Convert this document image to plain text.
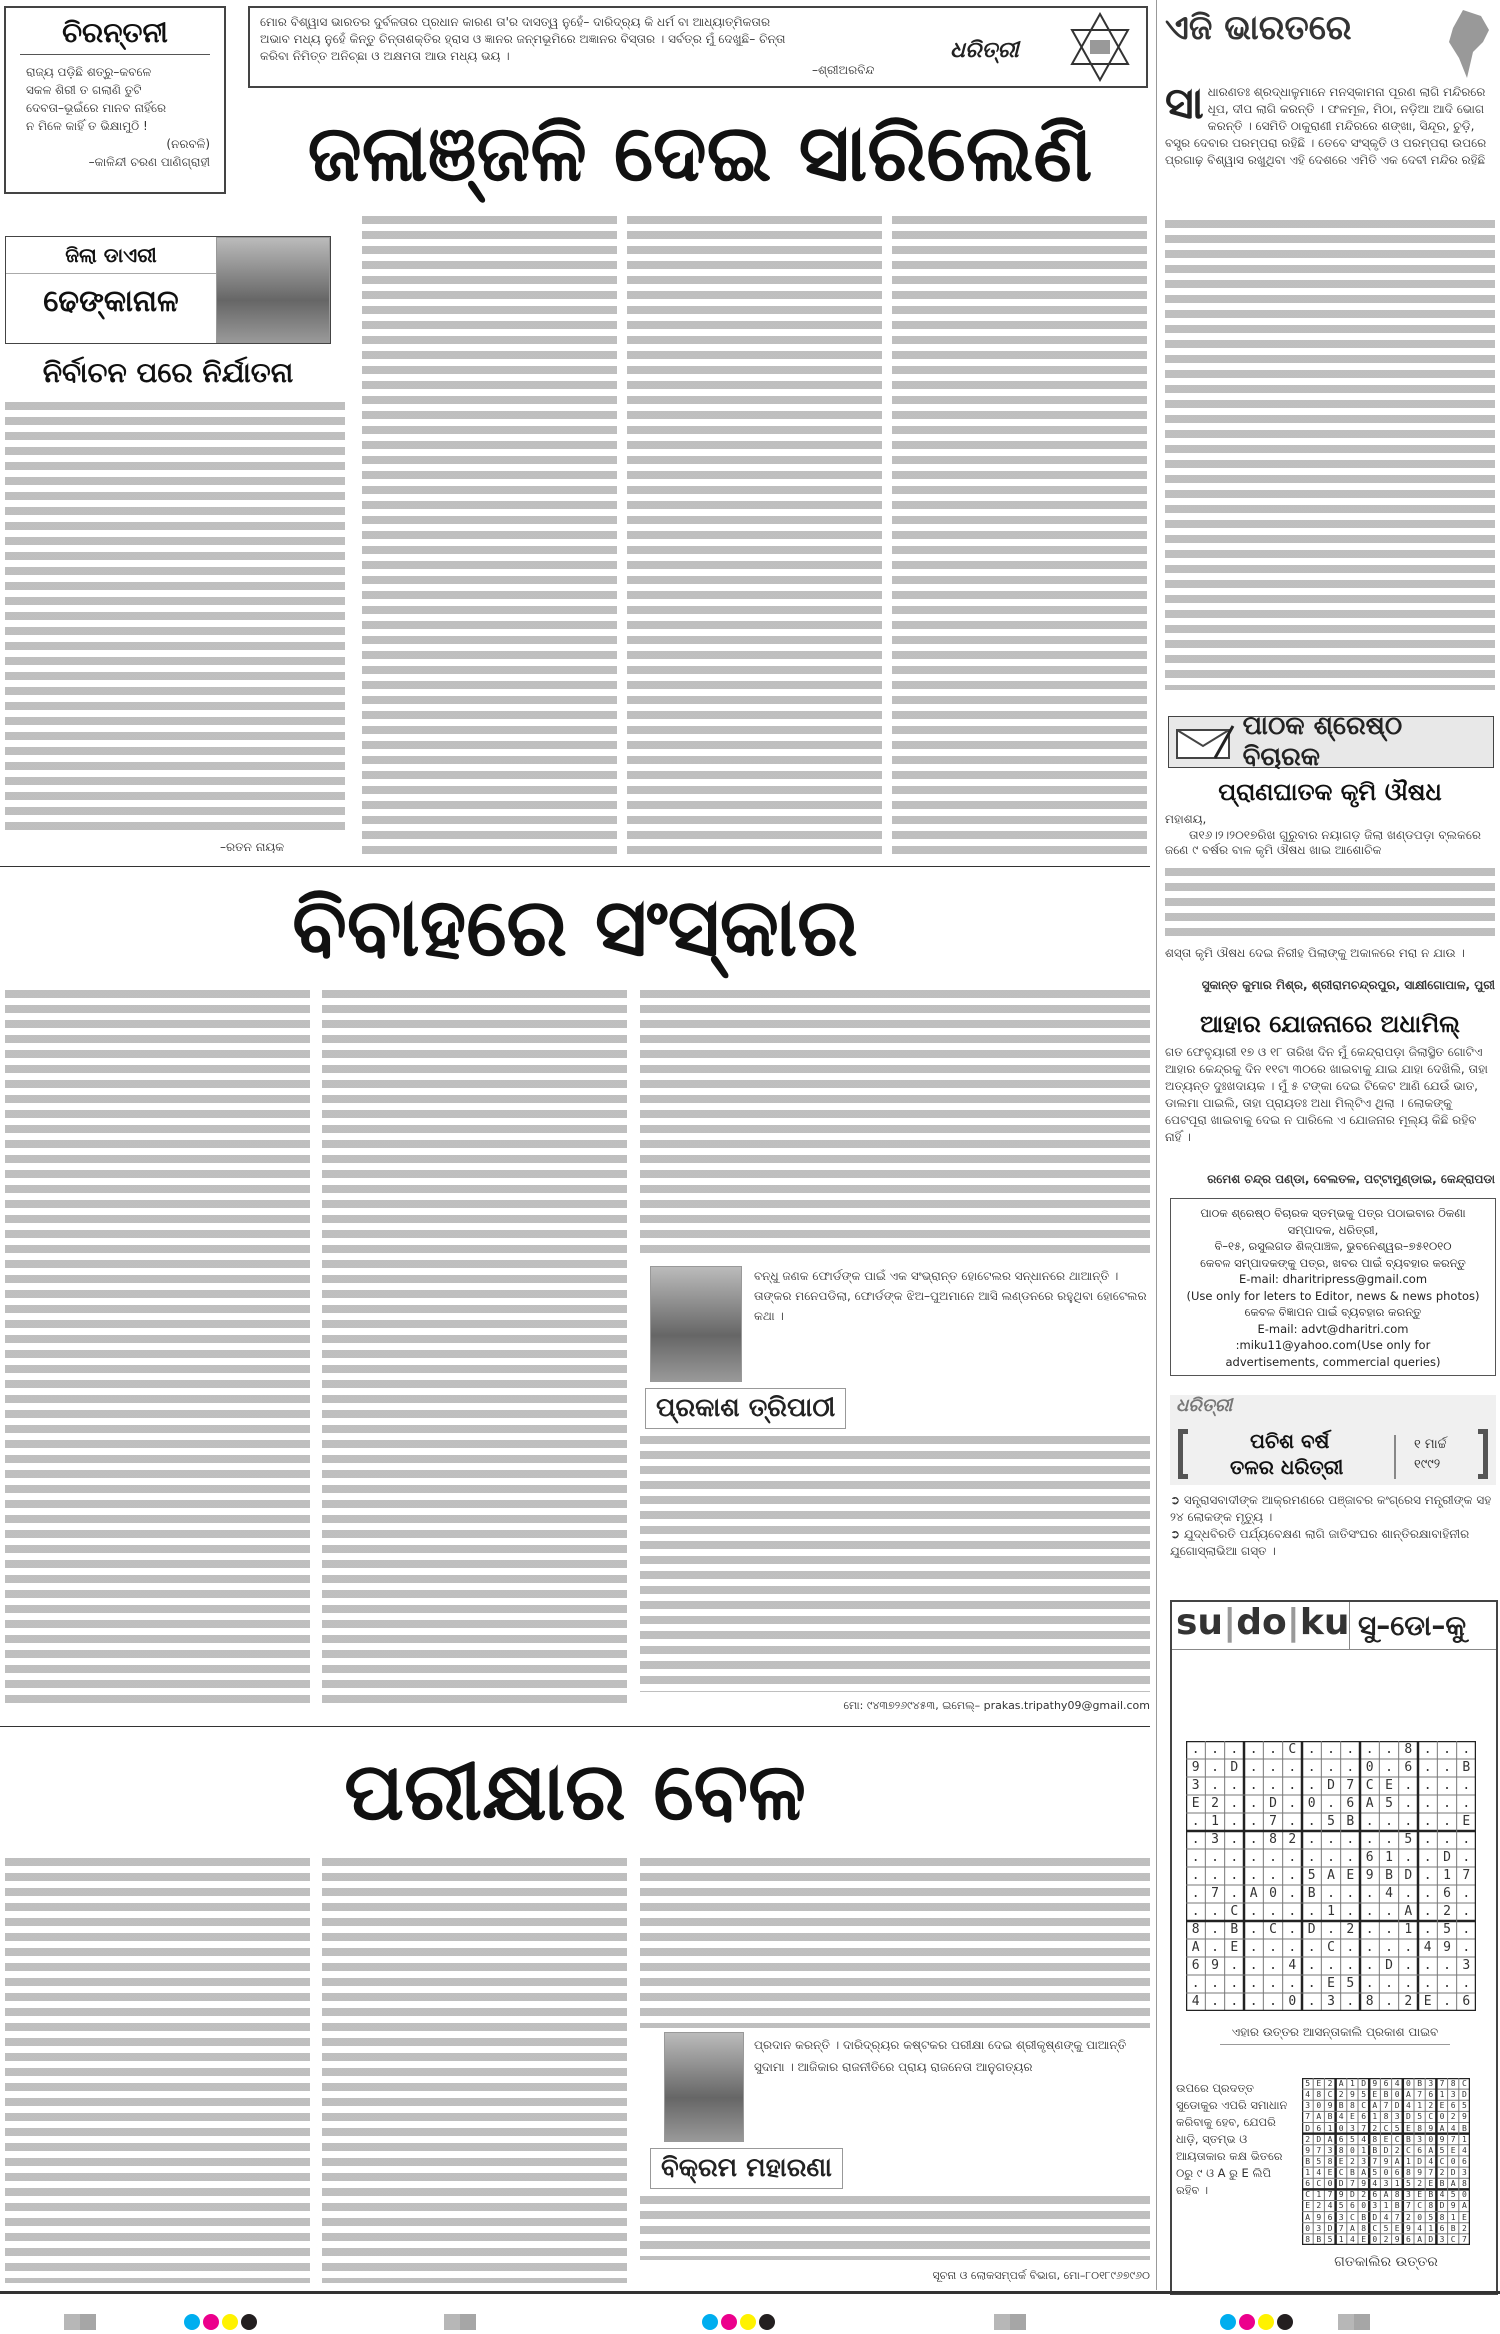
ଚିରନ୍ତନୀ
ରାଜ୍ୟ ପଡ଼ିଛି ଶତ୍ରୁ–କବଳେ
ସକଳ ଶିରୀ ତ ଗଲାଣି ତୁଟି
ଦେବତା–ଭୂଇଁରେ ମାନବ ନାହିଁରେ
ନ ମିଳେ କାହିଁ ତ ଭିକ୍ଷାମୁଠି !
(ନରବଳି)
–କାଳିନ୍ଦୀ ଚରଣ ପାଣିଗ୍ରାହୀ
ମୋର ବିଶ୍ୱାସ ଭାରତର ଦୁର୍ବଳତାର ପ୍ରଧାନ କାରଣ ତା'ର ଦାସତ୍ୱ ନୁହେଁ– ଦାରିଦ୍ର୍ୟ କି ଧର୍ମ ବା ଆଧ୍ୟାତ୍ମିକତାର ଅଭାବ ମଧ୍ୟ ନୁହେଁ କିନ୍ତୁ ଚିନ୍ତାଶକ୍ତିର ହ୍ରାସ ଓ ଜ୍ଞାନର ଜନ୍ମଭୂମିରେ ଅଜ୍ଞାନର ବିସ୍ତାର । ସର୍ବତ୍ର ମୁଁ ଦେଖୁଛି– ଚିନ୍ତା କରିବା ନିମିତ୍ତ ଅନିଚ୍ଛା ଓ ଅକ୍ଷମତା ଆଉ ମଧ୍ୟ ଭୟ ।
–ଶ୍ରୀଅରବିନ୍ଦ
ଧରିତ୍ରୀ
ଜଳାଞ୍ଜଳି ଦେଇ ସାରିଲେଣି
ଜିଲା ଡାଏରୀ
ଢେଙ୍କାନାଳ
ନିର୍ବାଚନ ପରେ ନିର୍ଯାତନା
–ରତନ ନାୟକ
ଏଜି ଭାରତରେ
ସା ଧାରଣତଃ ଶ୍ରଦ୍ଧାଳୁମାନେ ମନସ୍କାମନା ପୂରଣ ଲାଗି ମନ୍ଦିରରେ ଧୂପ, ଦୀପ ଲାଗି କରନ୍ତି । ଫଳମୂଳ, ମିଠା, ନଡ଼ିଆ ଆଦି ଭୋଗ କରନ୍ତି । ସେମିତି ଠାକୁରାଣୀ ମନ୍ଦିରରେ ଶଙ୍ଖା, ସିନ୍ଦୂର, ଚୁଡ଼ି, ବସ୍ତ୍ର ଦେବାର ପରମ୍ପରା ରହିଛି । ତେବେ ସଂସ୍କୃତି ଓ ପରମ୍ପରା ଉପରେ ପ୍ରଗାଢ଼ ବିଶ୍ୱାସ ରଖୁଥିବା ଏହି ଦେଶରେ ଏମିତି ଏକ ଦେବୀ ମନ୍ଦିର ରହିଛି
ପାଠକ ଶ୍ରେଷ୍ଠ ବିଚାରକ
ପ୍ରାଣଘାତକ କୃମି ଔଷଧ
ମହାଶୟ,
ତା୧୬।୨।୨୦୧୭ରିଖ ଗୁରୁବାର ନୟାଗଡ଼ ଜିଲା ଖଣ୍ଡପଡ଼ା ବ୍ଲକରେ ଜଣେ ୯ ବର୍ଷର ବାଳ କୃମି ଔଷଧ ଖାଇ ଆଶୋଚିକ
ଶସ୍ତା କୃମି ଔଷଧ ଦେଇ ନିରୀହ ପିଲାଙ୍କୁ ଅକାଳରେ ମରା ନ ଯାଉ ।
ସୁକାନ୍ତ କୁମାର ମିଶ୍ର, ଶ୍ରୀରାମଚନ୍ଦ୍ରପୁର, ସାକ୍ଷୀଗୋପାଳ, ପୁରୀ
ଆହାର ଯୋଜନାରେ ଅଧାମିଲ୍
ଗତ ଫେବୃୟାରୀ ୧୭ ଓ ୧୮ ତାରିଖ ଦିନ ମୁଁ କେନ୍ଦ୍ରାପଡ଼ା ଜିଲାସ୍ଥିତ ଗୋଟିଏ ଆହାର କେନ୍ଦ୍ରକୁ ଦିନ ୧୧ଟା ୩୦ରେ ଖାଇବାକୁ ଯାଇ ଯାହା ଦେଖିଲି, ତାହା ଅତ୍ୟନ୍ତ ଦୁଃଖଦାୟକ । ମୁଁ ୫ ଟଙ୍କା ଦେଇ ଟିକେଟ ଆଣି ଯେଉଁ ଭାତ, ଡାଲମା ପାଇଲି, ତାହା ପ୍ରାୟତଃ ଅଧା ମିଲ୍‌ଟିଏ ଥିଲା । ଲୋକଙ୍କୁ ପେଟପୂରା ଖାଇବାକୁ ଦେଇ ନ ପାରିଲେ ଏ ଯୋଜନାର ମୂଲ୍ୟ କିଛି ରହିବ ନାହିଁ ।
ରମେଶ ଚନ୍ଦ୍ର ପଣ୍ଡା, ବେଲତଳ, ପଟ୍ଟାମୁଣ୍ଡାଇ, କେନ୍ଦ୍ରାପଡା
ପାଠକ ଶ୍ରେଷ୍ଠ ବିଚାରକ ସ୍ତମ୍ଭକୁ ପତ୍ର ପଠାଇବାର ଠିକଣା
ସମ୍ପାଦକ, ଧରିତ୍ରୀ,
ବି–୧୫, ରସୁଲଗଡ ଶିଳ୍ପାଞ୍ଚଳ, ଭୁବନେଶ୍ୱର–୭୫୧୦୧୦
କେବଳ ସମ୍ପାଦକଙ୍କୁ ପତ୍ର, ଖବର ପାଇଁ ବ୍ୟବହାର କରନ୍ତୁ
E-mail: dharitripress@gmail.com
(Use only for leters to Editor, news & news photos)
କେବଳ ବିଜ୍ଞାପନ ପାଇଁ ବ୍ୟବହାର କରନ୍ତୁ
E-mail: advt@dharitri.com
:miku11@yahoo.com(Use only for
advertisements, commercial queries)
ଧରିତ୍ରୀ
ପଚିଶ ବର୍ଷ
ତଳର ଧରିତ୍ରୀ
୧ ମାର୍ଚ୍ଚ
୧୯୯୨
➲ ସନ୍ତ୍ରାସବାଦୀଙ୍କ ଆକ୍ରମଣରେ ପଞ୍ଜାବର କଂଗ୍ରେସ ମନ୍ତ୍ରୀଙ୍କ ସହ ୨୪ ଲୋକଙ୍କ ମୃତ୍ୟୁ ।
➲ ଯୁଦ୍ଧବିରତି ପର୍ଯ୍ୟବେକ୍ଷଣ ଲାଗି ଜାତିସଂଘର ଶାନ୍ତିରକ୍ଷାବାହିନୀର ଯୁଗୋସ୍ଲାଭିଆ ଗସ୍ତ ।
su|do|ku ସୁ–ଡୋ–କୁ
.....C.....8...
9.D......0.6..B
3......D7CE....
E2..D.0.6A5....
.1..7..5B.....E
.3..82.....5...
.........61..D.
......5AE9BD.17
.7.A0.B...4..6.
..C....1...A.2.
8.B.C.D.2..1.5.
A.E....C....49.
69...4....D...3
.......E5......
4....0.3.8.2E.6
ଏହାର ଉତ୍ତର ଆସନ୍ତାକାଲି ପ୍ରକାଶ ପାଇବ
ଉପରେ ପ୍ରଦତ୍ତ ସୁଡୋକୁର ଏପରି ସମାଧାନ କରିବାକୁ ହେବ, ଯେପରି ଧାଡ଼ି, ସ୍ତମ୍ଭ ଓ ଆୟତାକାର କକ୍ଷ ଭିତରେ ୦ରୁ ୯ ଓ A ରୁ E ଲିପି ରହିବ ।
5E2A1D9640B378C
48C295EB0A7613D
309B8CA7D412E65
7AB4E6183D5C029
D610372C5E89A4B
2DA6548ECB30971
973801BD2C6A5E4
B58E2379A1D4C06
14ECBA5068972D3
6C0D7943152EBA8
C179D26A83EB450
E2456031B7C8D9A
A963CBD4720581E
03D7A8C5E9416B2
8B514E0296AD3C7
ଗତକାଲିର ଉତ୍ତର
ବିବାହରେ ସଂସ୍କାର
ବନ୍ଧୁ ଜଣକ ଫୋର୍ଡଙ୍କ ପାଇଁ ଏକ ସଂଭ୍ରାନ୍ତ ହୋଟେଲର ସନ୍ଧାନରେ ଥାଆନ୍ତି । ତାଙ୍କର ମନେପଡିଲା, ଫୋର୍ଡଙ୍କ ଝିଅ–ପୁଅମାନେ ଆସି ଲଣ୍ଡନରେ ରହୁଥିବା ହୋଟେଲର କଥା ।
ପ୍ରକାଶ ତ୍ରିପାଠୀ
ମୋ: ୯୪୩୭୨୬୯୪୫୩, ଇମେଲ୍– prakas.tripathy09@gmail.com
ପରୀକ୍ଷାର ବେଳ
ପ୍ରଦାନ କରନ୍ତି । ଦାରିଦ୍ର୍ୟର କଷ୍ଟକର ପରୀକ୍ଷା ଦେଇ ଶ୍ରୀକୃଷ୍ଣଙ୍କୁ ପାଆନ୍ତି ସୁଦାମା । ଆଜିକାର ରାଜନୀତିରେ ପ୍ରାୟ ରାଜନେତା ଆନୁଗତ୍ୟର
ବିକ୍ରମ ମହାରଣା
ସୂଚନା ଓ ଲୋକସମ୍ପର୍କ ବିଭାଗ, ମୋ–୮୦୧୮୯୬୭୯୬୦
